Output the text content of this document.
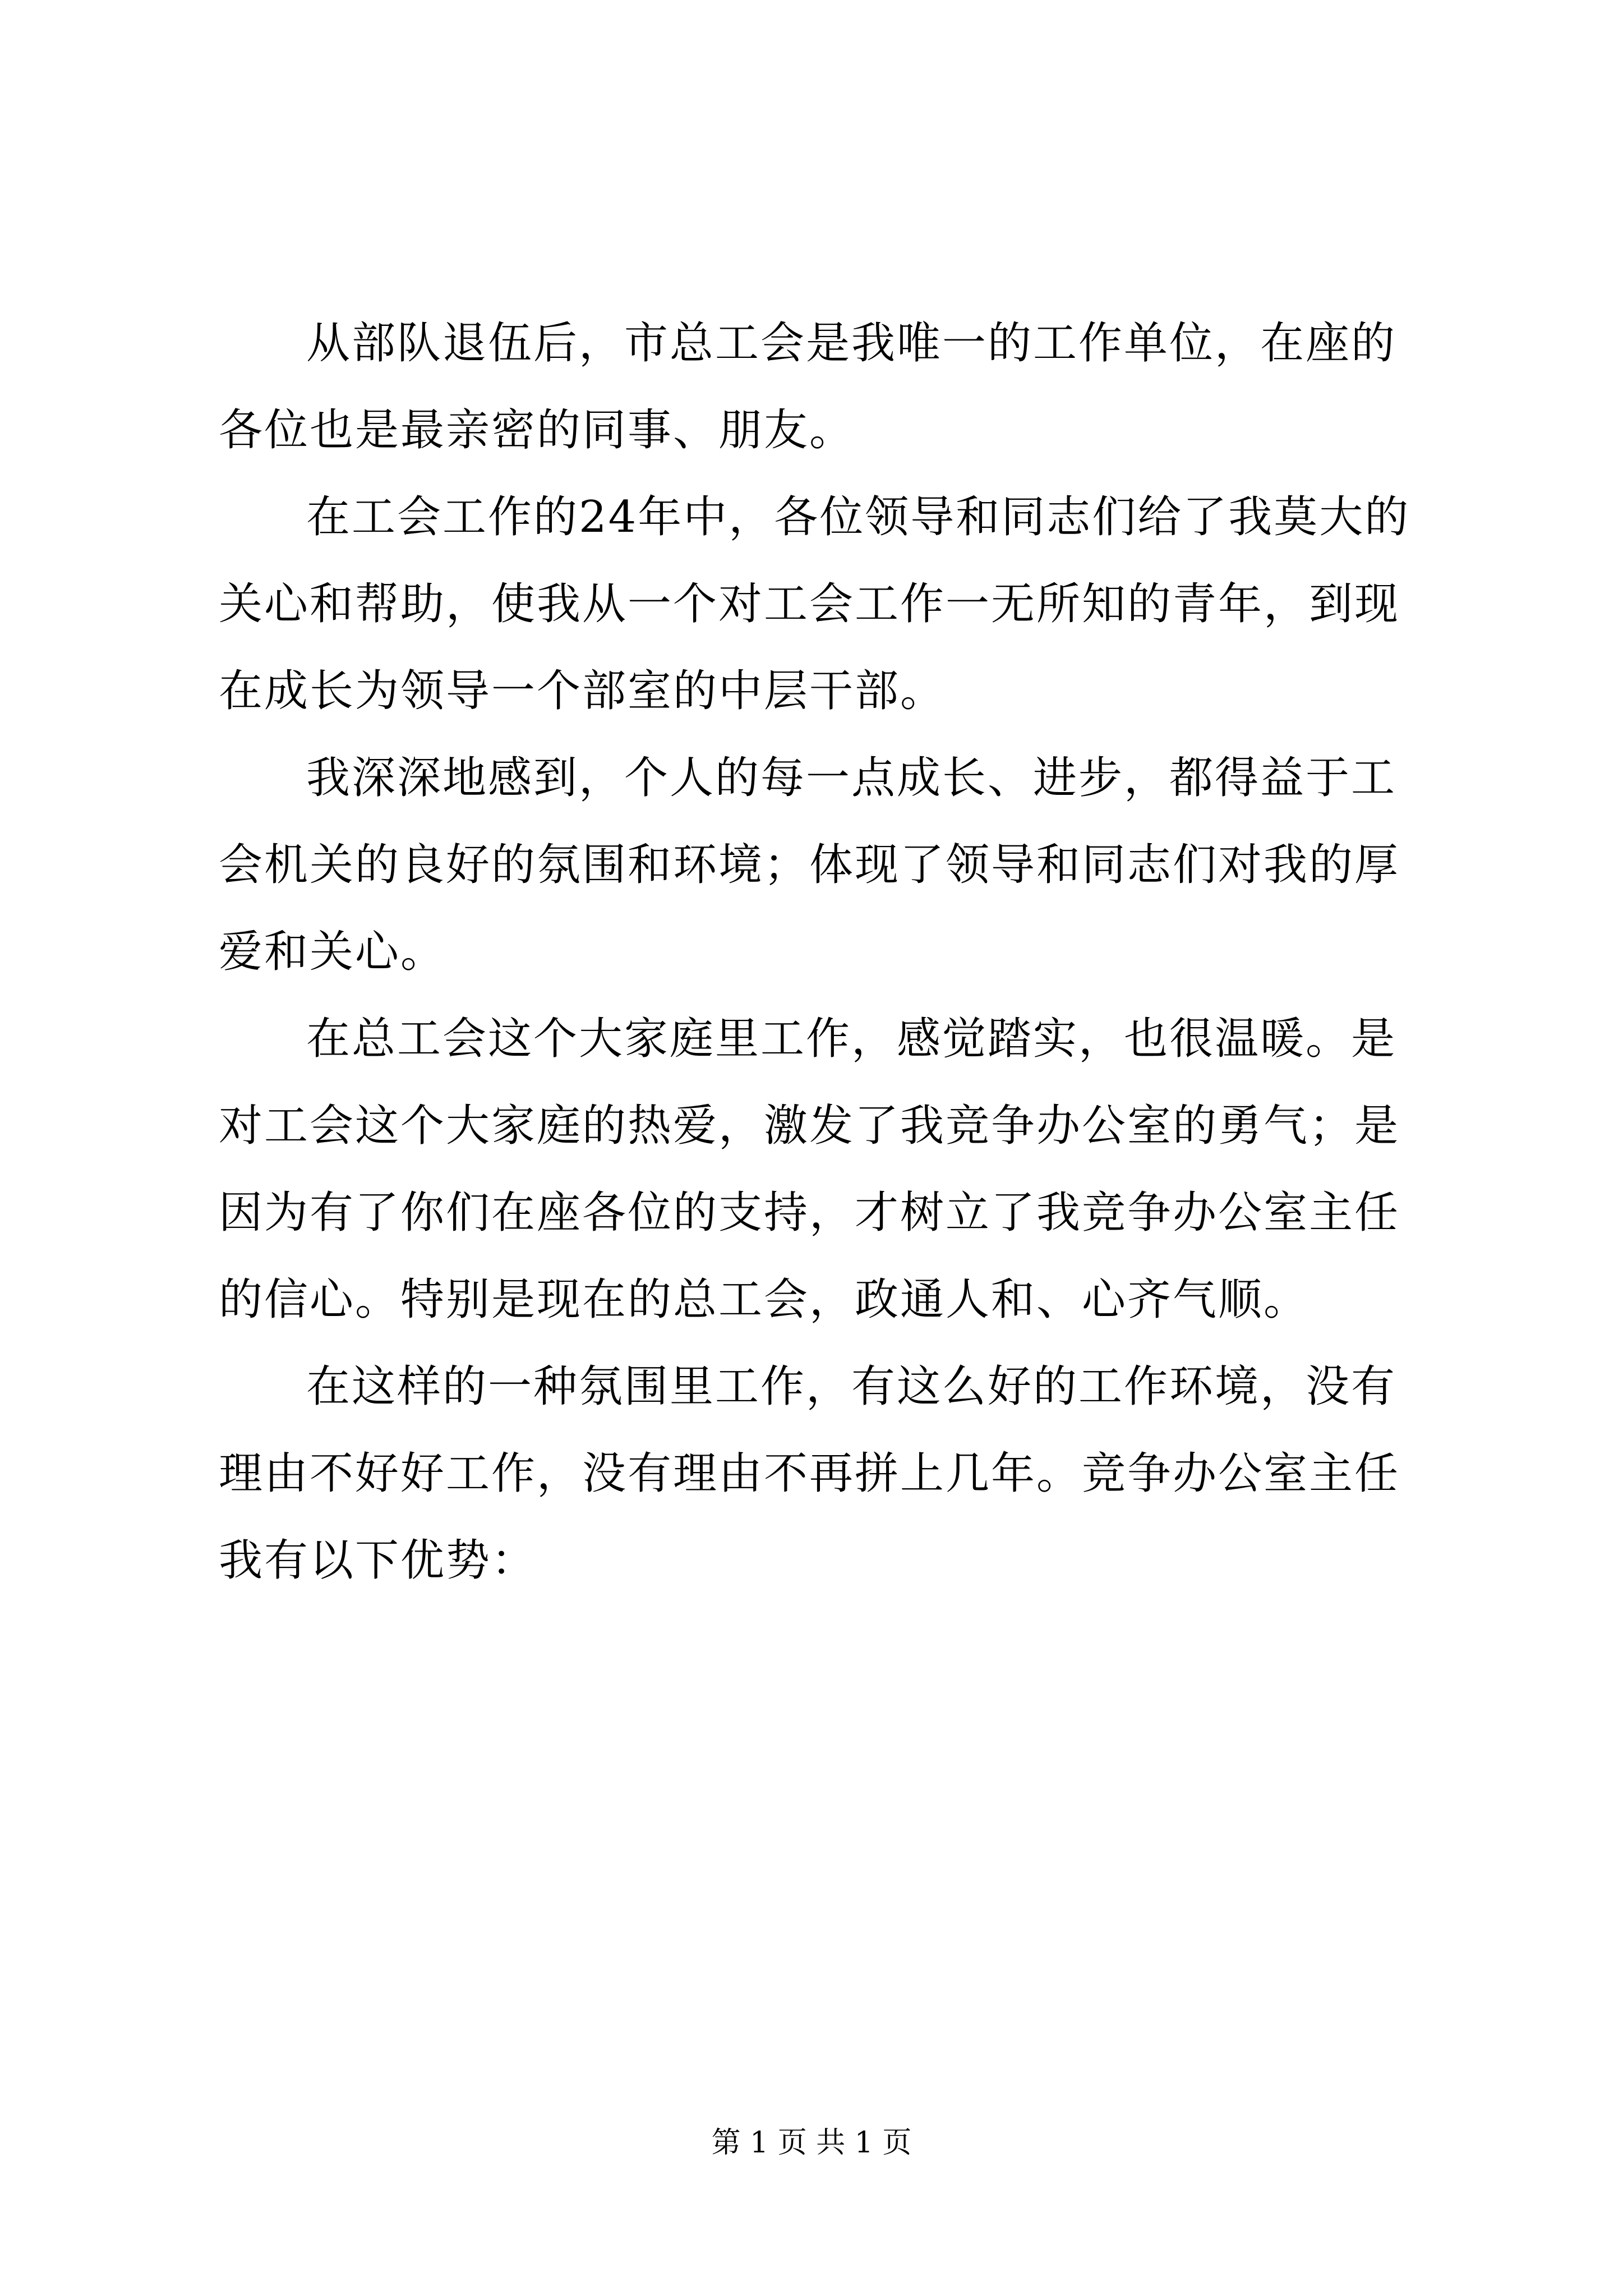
从部队退伍后，市总工会是我唯一的工作单位，在座的各位也是最亲密的同事、朋友。

在工会工作的24年中，各位领导和同志们给了我莫大的关心和帮助，使我从一个对工会工作一无所知的青年，到现在成长为领导一个部室的中层干部。

我深深地感到，个人的每一点成长、进步，都得益于工会机关的良好的氛围和环境；体现了领导和同志们对我的厚爱和关心。

在总工会这个大家庭里工作，感觉踏实，也很温暖。是对工会这个大家庭的热爱，激发了我竞争办公室的勇气；是因为有了你们在座各位的支持，才树立了我竞争办公室主任的信心。特别是现在的总工会，政通人和、心齐气顺。

在这样的一种氛围里工作，有这么好的工作环境，没有理由不好好工作，没有理由不再拼上几年。竞争办公室主任我有以下优势：

第 1 页 共 1 页
